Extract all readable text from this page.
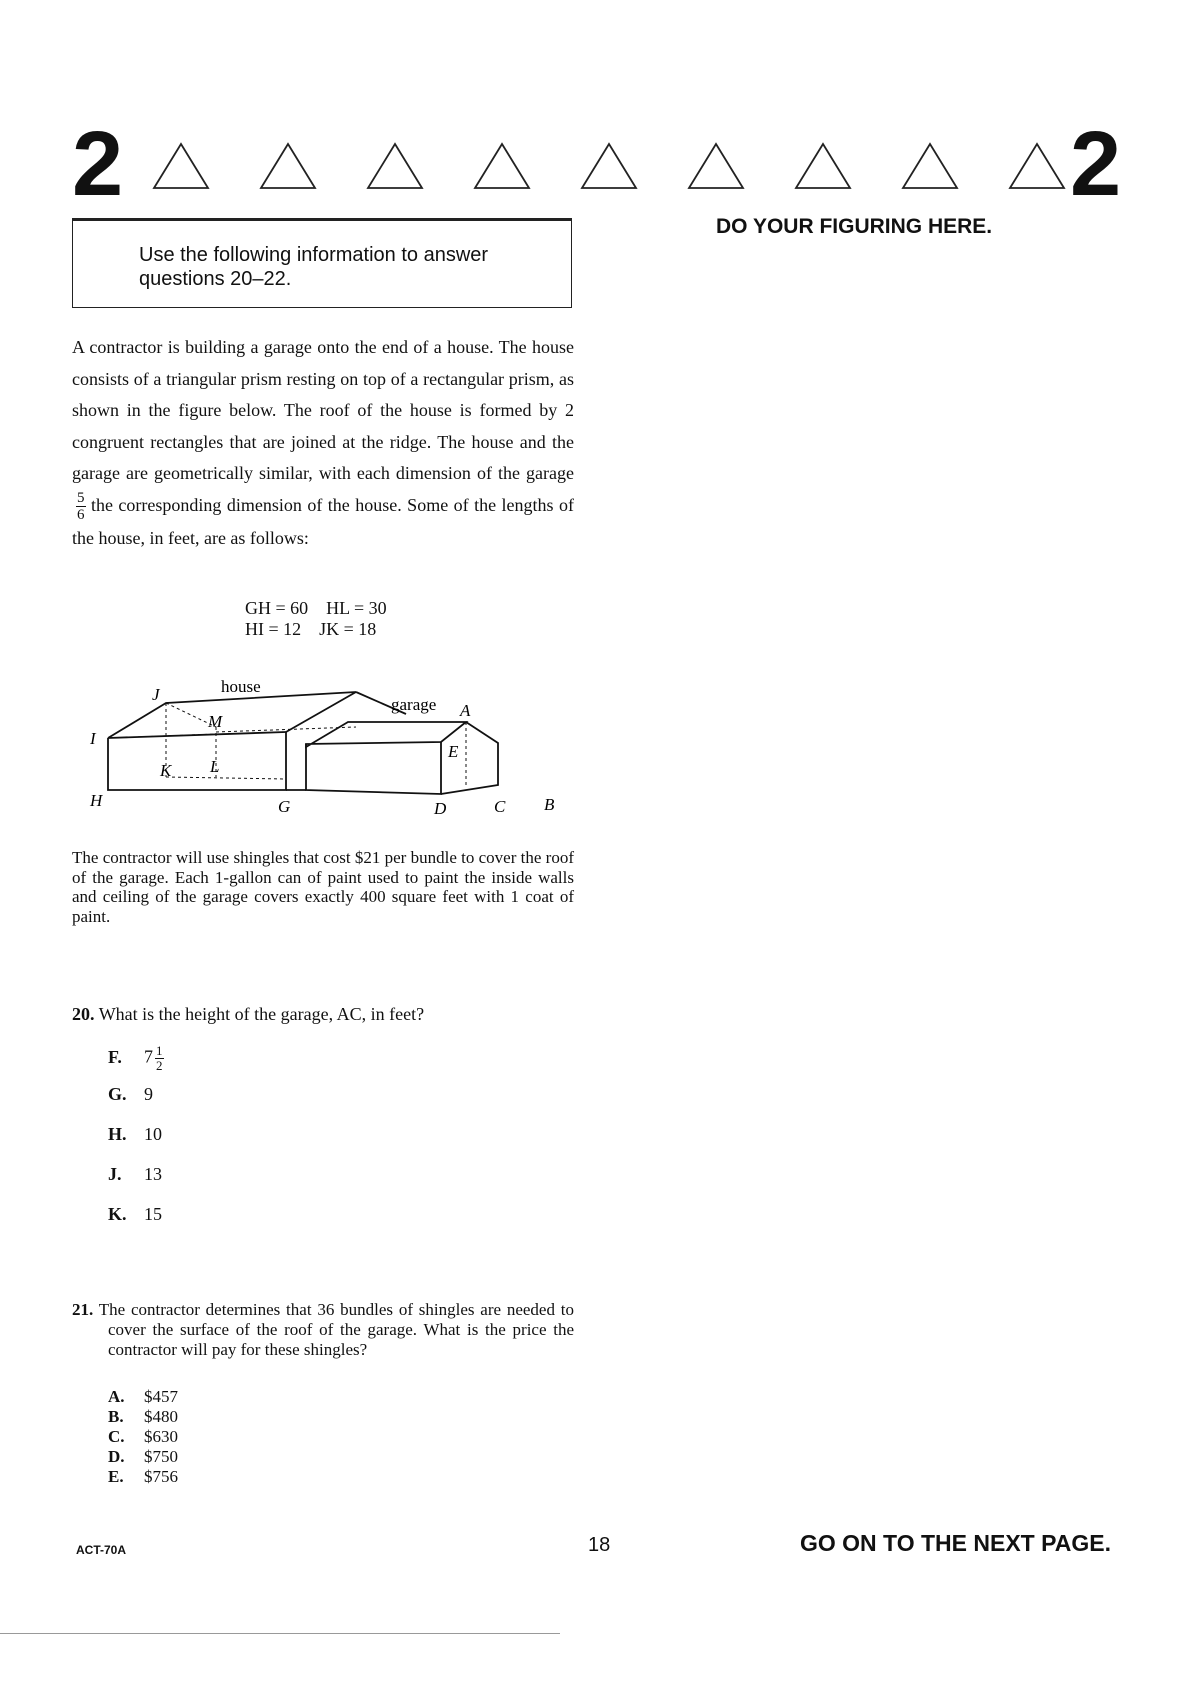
2	2
DO YOUR FIGURING HERE.

Use the following information to answer questions 20–22.

A contractor is building a garage onto the end of a house. The house consists of a triangular prism resting on top of a rectangular prism, as shown in the figure below. The roof of the house is formed by 2 congruent rectangles that are joined at the ridge. The house and the garage are geometrically similar, with each dimension of the garage
$\frac{5}{6}$ the corresponding dimension of the house. Some of the lengths of the house, in feet, are as follows:
GH = 60    HL = 30
HI = 12    JK = 18
house
garage
J
M
I
K L
H	G
A
E
D	C B
The contractor will use shingles that cost $21 per bundle to cover the roof of the garage. Each 1-gallon can of paint used to paint the inside walls and ceiling of the garage covers exactly 400 square feet with 1 coat of paint.
20. What is the height of the garage, AC, in feet?
F. $7 \frac{1}{2}$
G. 9
H. 10
J. 13
K. 15
21. The contractor determines that 36 bundles of shingles are needed to cover the surface of the roof of the garage. What is the price the contractor will pay for these shingles?
A. $457
B. $480
C. $630
D. $750
E. $756
ACT-70A	18	GO ON TO THE NEXT PAGE.
